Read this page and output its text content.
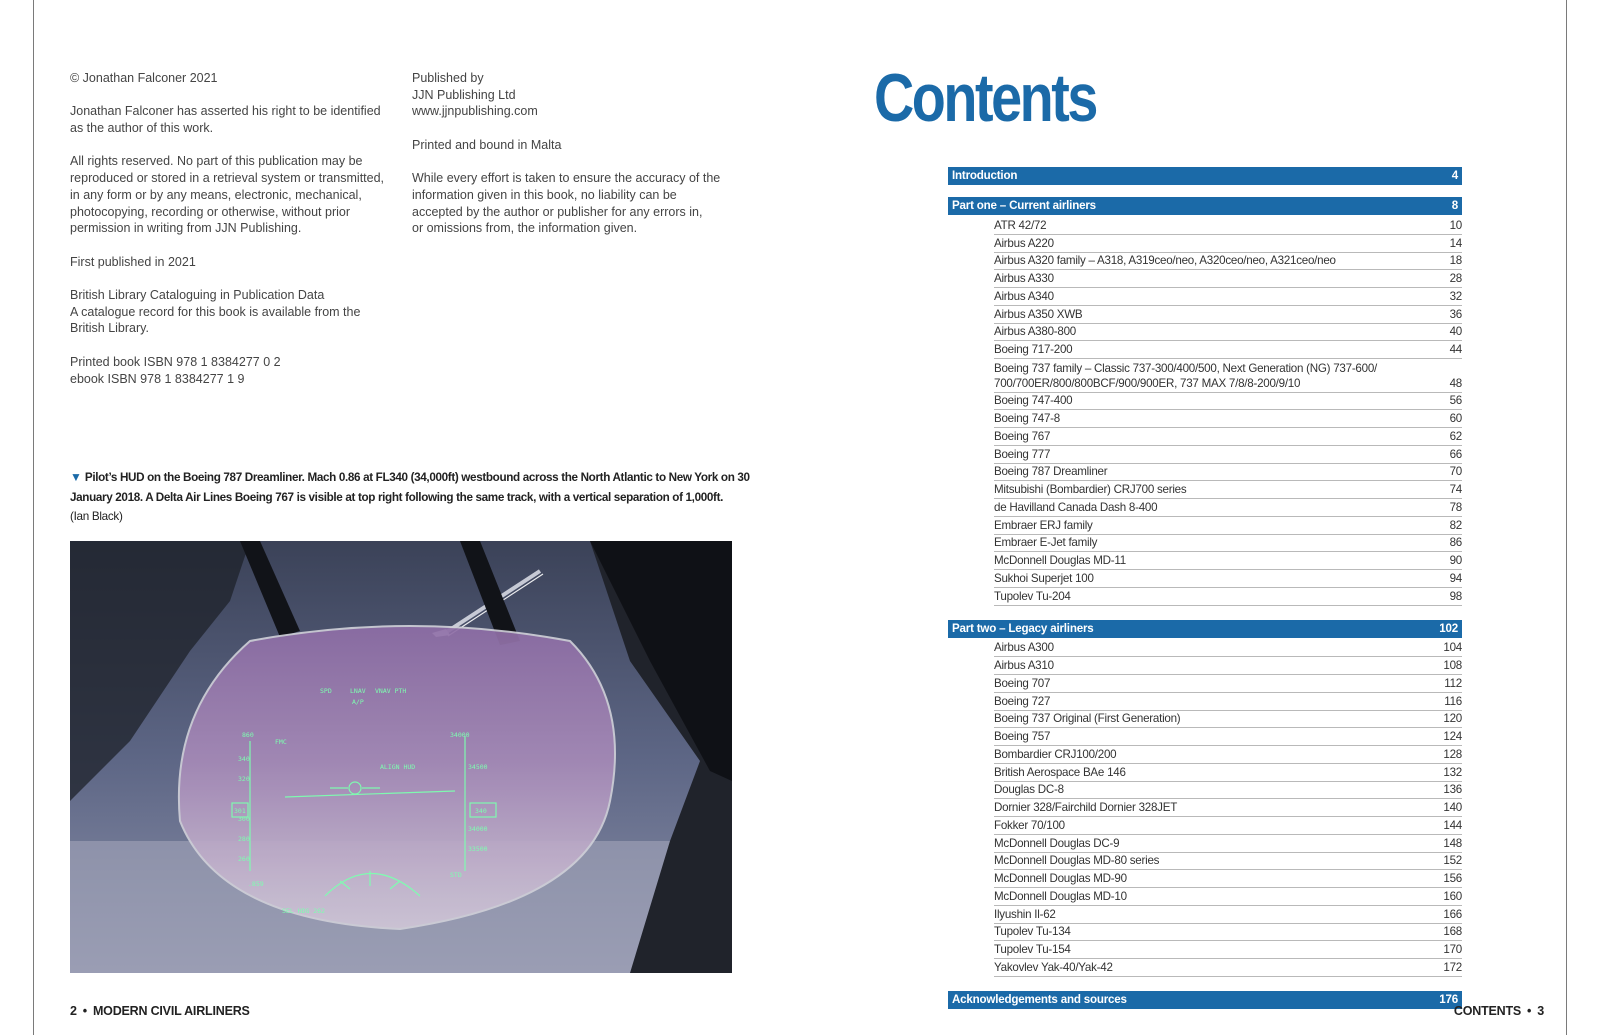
© Jonathan Falconer 2021

Jonathan Falconer has asserted his right to be identified
as the author of this work.

All rights reserved. No part of this publication may be
reproduced or stored in a retrieval system or transmitted,
in any form or by any means, electronic, mechanical,
photocopying, recording or otherwise, without prior
permission in writing from JJN Publishing.

First published in 2021

British Library Cataloguing in Publication Data
A catalogue record for this book is available from the
British Library.

Printed book ISBN 978 1 8384277 0 2
ebook ISBN 978 1 8384277 1 9

Published by
JJN Publishing Ltd
www.jjnpublishing.com

Printed and bound in Malta

While every effort is taken to ensure the accuracy of the
information given in this book, no liability can be
accepted by the author or publisher for any errors in,
or omissions from, the information given.

▼ Pilot’s HUD on the Boeing 787 Dreamliner. Mach 0.86 at FL340 (34,000ft) westbound across the North Atlantic to New York on 30 January 2018. A Delta Air Lines Boeing 767 is visible at top right following the same track, with a vertical separation of 1,000ft.
(Ian Black)
SPD	LNAV VNAV PTH
A/P
FMC
ALIGN HUD
860
340
320
301
300
280
260
34000
34500
340
34000
33500
.859
STD
SEL HDG 262
2 • MODERN CIVIL AIRLINERS
Contents
Introduction	4
Part one – Current airliners	8
ATR 42/72	10
Airbus A220	14
Airbus A320 family – A318, A319ceo/neo, A320ceo/neo, A321ceo/neo	18
Airbus A330	28
Airbus A340	32
Airbus A350 XWB	36
Airbus A380-800	40
Boeing 717-200	44
Boeing 737 family – Classic 737-300/400/500, Next Generation (NG) 737-600/
700/700ER/800/800BCF/900/900ER, 737 MAX 7/8/8-200/9/10	48
Boeing 747-400	56
Boeing 747-8	60
Boeing 767	62
Boeing 777	66
Boeing 787 Dreamliner	70
Mitsubishi (Bombardier) CRJ700 series	74
de Havilland Canada Dash 8-400	78
Embraer ERJ family	82
Embraer E-Jet family	86
McDonnell Douglas MD-11	90
Sukhoi Superjet 100	94
Tupolev Tu-204	98
Part two – Legacy airliners	102
Airbus A300	104
Airbus A310	108
Boeing 707	112
Boeing 727	116
Boeing 737 Original (First Generation)	120
Boeing 757	124
Bombardier CRJ100/200	128
British Aerospace BAe 146	132
Douglas DC-8	136
Dornier 328/Fairchild Dornier 328JET	140
Fokker 70/100	144
McDonnell Douglas DC-9	148
McDonnell Douglas MD-80 series	152
McDonnell Douglas MD-90	156
McDonnell Douglas MD-10	160
Ilyushin Il-62	166
Tupolev Tu-134	168
Tupolev Tu-154	170
Yakovlev Yak-40/Yak-42	172
Acknowledgements and sources	176
CONTENTS • 3
